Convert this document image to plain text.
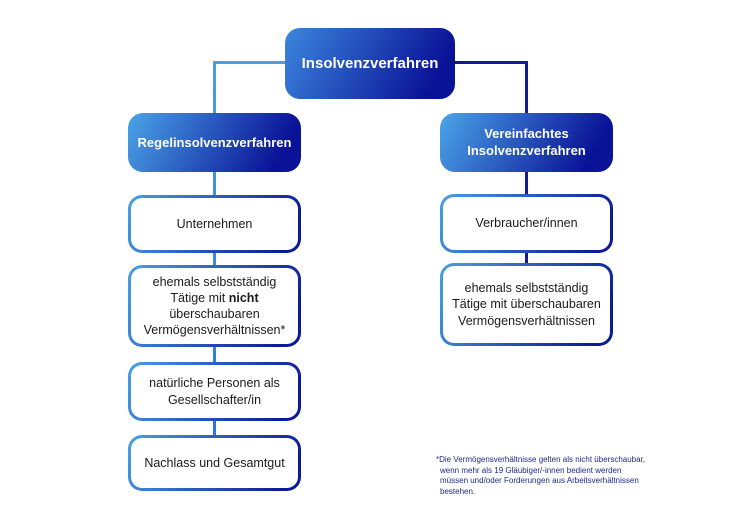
Insolvenzverfahren
Regelinsolvenzverfahren
Vereinfachtes
Insolvenzverfahren
Unternehmen
ehemals selbstständig
Tätige mit nicht
überschaubaren
Vermögensverhältnissen*
natürliche Personen als
Gesellschafter/in
Nachlass und Gesamtgut
Verbraucher/innen
ehemals selbstständig
Tätige mit überschaubaren
Vermögensverhältnissen
*Die Vermögensverhältnisse gelten als nicht überschaubar,
wenn mehr als 19 Gläubiger/-innen bedient werden
müssen und/oder Forderungen aus Arbeitsverhältnissen
bestehen.
